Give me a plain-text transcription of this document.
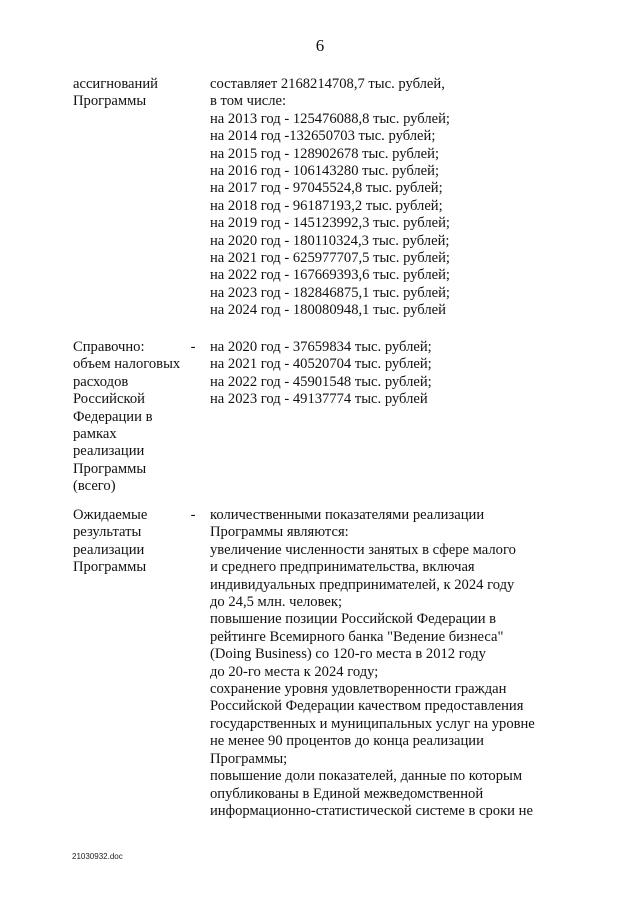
6

ассигнований

Программы

составляет 2168214708,7 тыс. рублей,

в том числе:

на 2013 год - 125476088,8 тыс. рублей;

на 2014 год -132650703 тыс. рублей;

на 2015 год - 128902678 тыс. рублей;

на 2016 год - 106143280 тыс. рублей;

на 2017 год - 97045524,8 тыс. рублей;

на 2018 год - 96187193,2 тыс. рублей;

на 2019 год - 145123992,3 тыс. рублей;

на 2020 год - 180110324,3 тыс. рублей;

на 2021 год - 625977707,5 тыс. рублей;

на 2022 год - 167669393,6 тыс. рублей;

на 2023 год - 182846875,1 тыс. рублей;

на 2024 год - 180080948,1 тыс. рублей

Справочно:

объем налоговых

расходов

Российской

Федерации в

рамках

реализации

Программы

(всего)

- на 2020 год - 37659834 тыс. рублей;

на 2021 год - 40520704 тыс. рублей;

на 2022 год - 45901548 тыс. рублей;

на 2023 год - 49137774 тыс. рублей

Ожидаемые

результаты

реализации

Программы

- количественными показателями реализации

Программы являются:

увеличение численности занятых в сфере малого

и среднего предпринимательства, включая

индивидуальных предпринимателей, к 2024 году

до 24,5 млн. человек;

повышение позиции Российской Федерации в

рейтинге Всемирного банка "Ведение бизнеса"

(Doing Business) со 120-го места в 2012 году

до 20-го места к 2024 году;

сохранение уровня удовлетворенности граждан

Российской Федерации качеством предоставления

государственных и муниципальных услуг на уровне

не менее 90 процентов до конца реализации

Программы;

повышение доли показателей, данные по которым

опубликованы в Единой межведомственной

информационно-статистической системе в сроки не

21030932.doc
